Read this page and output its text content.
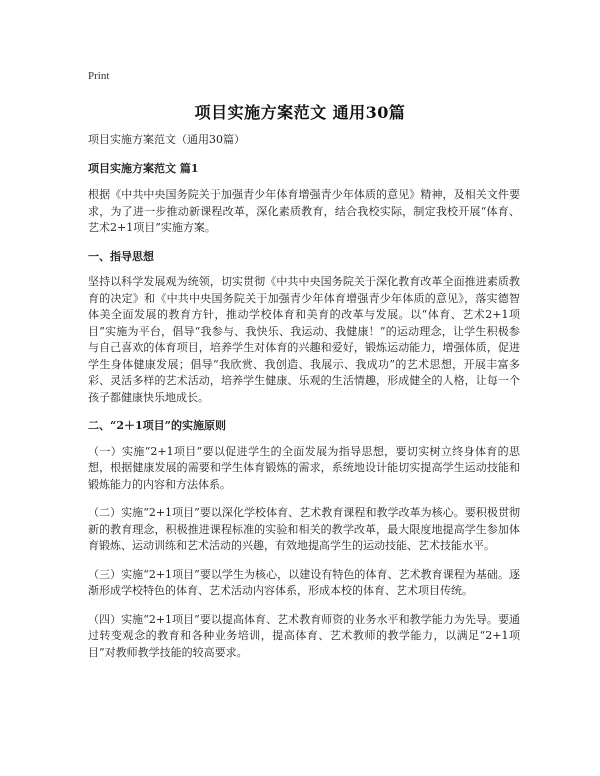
Print
项目实施方案范文 通用30篇

项目实施方案范文（通用30篇）

项目实施方案范文 篇1

根据《中共中央国务院关于加强青少年体育增强青少年体质的意见》精神，及相关文件要求，为了进一步推动新课程改革，深化素质教育，结合我校实际，制定我校开展“体育、艺术2+1项目”实施方案。

一、指导思想

坚持以科学发展观为统领，切实贯彻《中共中央国务院关于深化教育改革全面推进素质教育的决定》和《中共中央国务院关于加强青少年体育增强青少年体质的意见》，落实德智体美全面发展的教育方针，推动学校体育和美育的改革与发展。以“体育、艺术2+1项目”实施为平台，倡导“我参与、我快乐、我运动、我健康！”的运动理念，让学生积极参与自己喜欢的体育项目，培养学生对体育的兴趣和爱好，锻炼运动能力，增强体质，促进学生身体健康发展；倡导“我欣赏、我创造、我展示、我成功”的艺术思想，开展丰富多彩、灵活多样的艺术活动，培养学生健康、乐观的生活情趣，形成健全的人格，让每一个孩子都健康快乐地成长。

二、“2＋1项目”的实施原则

（一）实施“2+1项目”要以促进学生的全面发展为指导思想，要切实树立终身体育的思想，根据健康发展的需要和学生体育锻炼的需求，系统地设计能切实提高学生运动技能和锻炼能力的内容和方法体系。

（二）实施“2+1项目”要以深化学校体育、艺术教育课程和教学改革为核心。要积极贯彻新的教育理念，积极推进课程标准的实验和相关的教学改革，最大限度地提高学生参加体育锻炼、运动训练和艺术活动的兴趣，有效地提高学生的运动技能、艺术技能水平。

（三）实施“2+1项目”要以学生为核心，以建设有特色的体育、艺术教育课程为基础。逐渐形成学校特色的体育、艺术活动内容体系，形成本校的体育、艺术项目传统。

（四）实施“2+1项目”要以提高体育、艺术教育师资的业务水平和教学能力为先导。要通过转变观念的教育和各种业务培训，提高体育、艺术教师的教学能力，以满足“2+1项目”对教师教学技能的较高要求。
